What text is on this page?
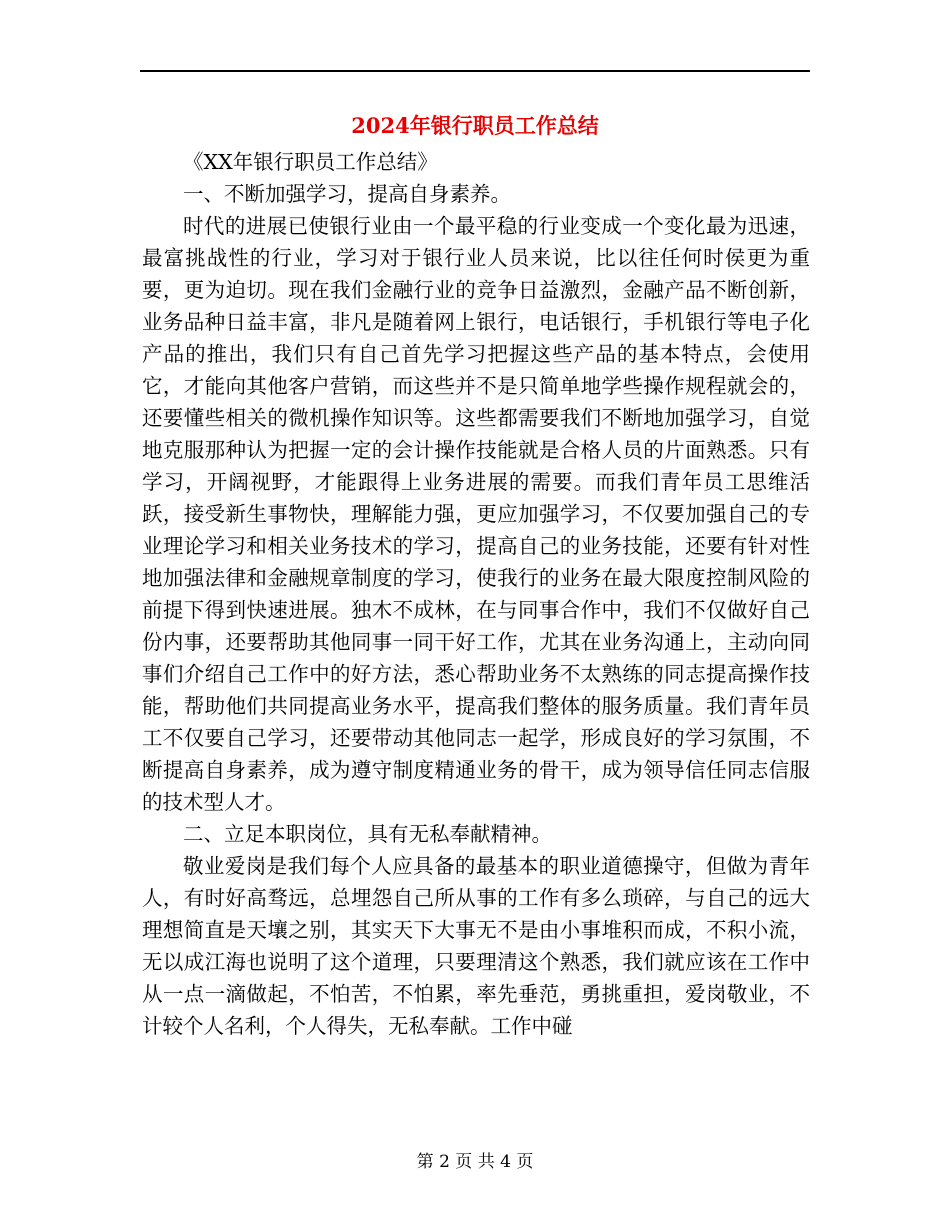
2024年银行职员工作总结

《XX年银行职员工作总结》

一、不断加强学习，提高自身素养。

时代的进展已使银行业由一个最平稳的行业变成一个变化最为迅速，最富挑战性的行业，学习对于银行业人员来说，比以往任何时侯更为重要，更为迫切。现在我们金融行业的竞争日益激烈，金融产品不断创新，业务品种日益丰富，非凡是随着网上银行，电话银行，手机银行等电子化产品的推出，我们只有自己首先学习把握这些产品的基本特点，会使用它，才能向其他客户营销，而这些并不是只简单地学些操作规程就会的，还要懂些相关的微机操作知识等。这些都需要我们不断地加强学习，自觉地克服那种认为把握一定的会计操作技能就是合格人员的片面熟悉。只有学习，开阔视野，才能跟得上业务进展的需要。而我们青年员工思维活跃，接受新生事物快，理解能力强，更应加强学习，不仅要加强自己的专业理论学习和相关业务技术的学习，提高自己的业务技能，还要有针对性地加强法律和金融规章制度的学习，使我行的业务在最大限度控制风险的前提下得到快速进展。独木不成林，在与同事合作中，我们不仅做好自己份内事，还要帮助其他同事一同干好工作，尤其在业务沟通上，主动向同事们介绍自己工作中的好方法，悉心帮助业务不太熟练的同志提高操作技能，帮助他们共同提高业务水平，提高我们整体的服务质量。我们青年员工不仅要自己学习，还要带动其他同志一起学，形成良好的学习氛围，不断提高自身素养，成为遵守制度精通业务的骨干，成为领导信任同志信服的技术型人才。

二、立足本职岗位，具有无私奉献精神。

敬业爱岗是我们每个人应具备的最基本的职业道德操守，但做为青年人，有时好高骛远，总埋怨自己所从事的工作有多么琐碎，与自己的远大理想简直是天壤之别，其实天下大事无不是由小事堆积而成，不积小流，无以成江海也说明了这个道理，只要理清这个熟悉，我们就应该在工作中从一点一滴做起，不怕苦，不怕累，率先垂范，勇挑重担，爱岗敬业，不计较个人名利，个人得失，无私奉献。工作中碰

第 2 页 共 4 页
